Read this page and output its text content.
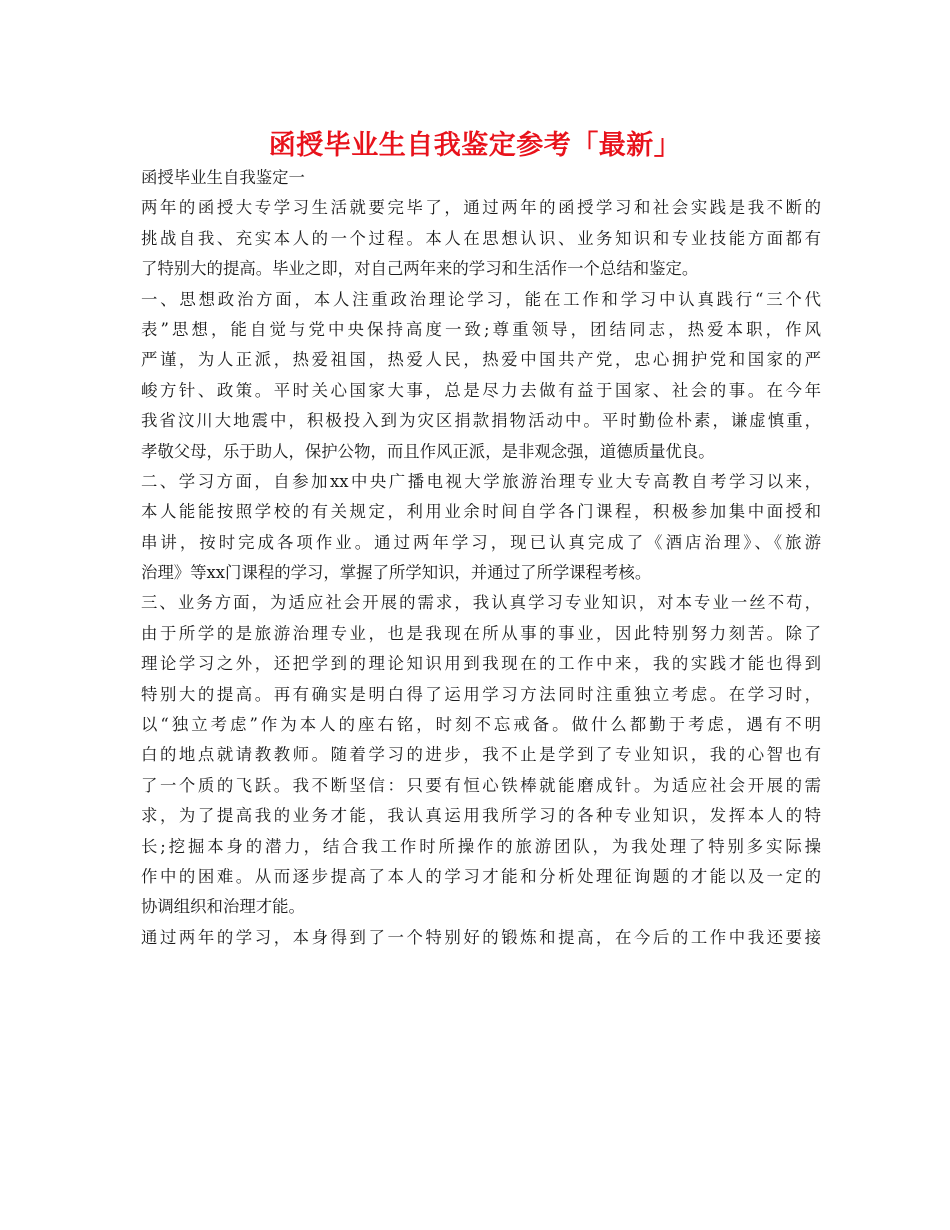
函授毕业生自我鉴定参考「最新」
函授毕业生自我鉴定一
两年的函授大专学习生活就要完毕了，通过两年的函授学习和社会实践是我不断的
挑战自我、充实本人的一个过程。本人在思想认识、业务知识和专业技能方面都有
了特别大的提高。毕业之即，对自己两年来的学习和生活作一个总结和鉴定。
一、思想政治方面，本人注重政治理论学习，能在工作和学习中认真践行“三个代
表”思想，能自觉与党中央保持高度一致;尊重领导，团结同志，热爱本职，作风
严谨，为人正派，热爱祖国，热爱人民，热爱中国共产党，忠心拥护党和国家的严
峻方针、政策。平时关心国家大事，总是尽力去做有益于国家、社会的事。在今年
我省汶川大地震中，积极投入到为灾区捐款捐物活动中。平时勤俭朴素，谦虚慎重，
孝敬父母，乐于助人，保护公物，而且作风正派，是非观念强，道德质量优良。
二、学习方面，自参加xx中央广播电视大学旅游治理专业大专高教自考学习以来，
本人能能按照学校的有关规定，利用业余时间自学各门课程，积极参加集中面授和
串讲，按时完成各项作业。通过两年学习，现已认真完成了《酒店治理》、《旅游
治理》等xx门课程的学习，掌握了所学知识，并通过了所学课程考核。
三、业务方面，为适应社会开展的需求，我认真学习专业知识，对本专业一丝不苟，
由于所学的是旅游治理专业，也是我现在所从事的事业，因此特别努力刻苦。除了
理论学习之外，还把学到的理论知识用到我现在的工作中来，我的实践才能也得到
特别大的提高。再有确实是明白得了运用学习方法同时注重独立考虑。在学习时，
以“独立考虑”作为本人的座右铭，时刻不忘戒备。做什么都勤于考虑，遇有不明
白的地点就请教教师。随着学习的进步，我不止是学到了专业知识，我的心智也有
了一个质的飞跃。我不断坚信：只要有恒心铁棒就能磨成针。为适应社会开展的需
求，为了提高我的业务才能，我认真运用我所学习的各种专业知识，发挥本人的特
长;挖掘本身的潜力，结合我工作时所操作的旅游团队，为我处理了特别多实际操
作中的困难。从而逐步提高了本人的学习才能和分析处理征询题的才能以及一定的
协调组织和治理才能。
通过两年的学习，本身得到了一个特别好的锻炼和提高，在今后的工作中我还要接
